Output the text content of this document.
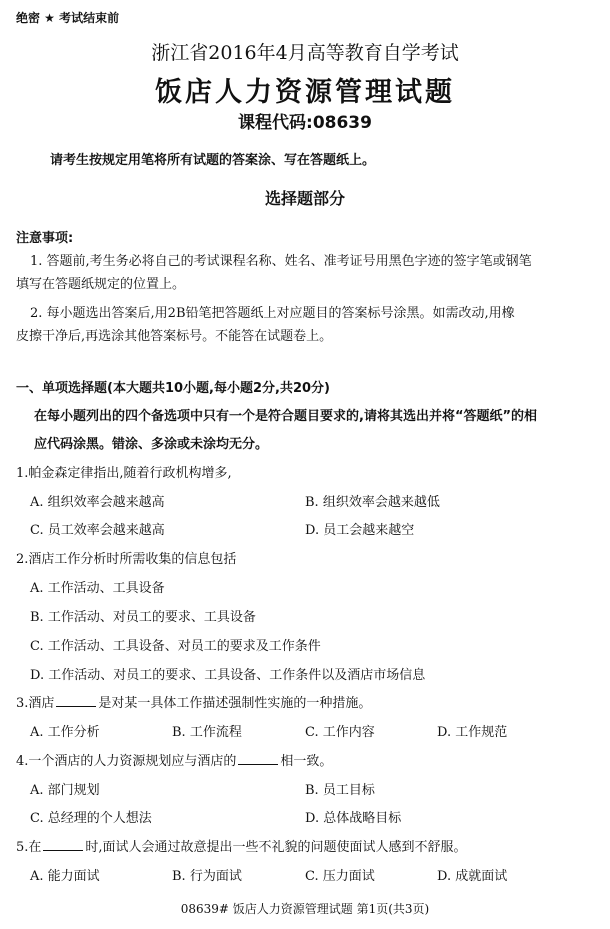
绝密 ★ 考试结束前
浙江省2016年4月高等教育自学考试
饭店人力资源管理试题
课程代码:08639
请考生按规定用笔将所有试题的答案涂、写在答题纸上。
选择题部分
注意事项:
1. 答题前,考生务必将自己的考试课程名称、姓名、准考证号用黑色字迹的签字笔或钢笔
填写在答题纸规定的位置上。
2. 每小题选出答案后,用2B铅笔把答题纸上对应题目的答案标号涂黑。如需改动,用橡
皮擦干净后,再选涂其他答案标号。不能答在试题卷上。
一、单项选择题(本大题共10小题,每小题2分,共20分)
在每小题列出的四个备选项中只有一个是符合题目要求的,请将其选出并将“答题纸”的相
应代码涂黑。错涂、多涂或未涂均无分。
1.帕金森定律指出,随着行政机构增多,
A. 组织效率会越来越高	B. 组织效率会越来越低
C. 员工效率会越来越高	D. 员工会越来越空
2.酒店工作分析时所需收集的信息包括
A. 工作活动、工具设备
B. 工作活动、对员工的要求、工具设备
C. 工作活动、工具设备、对员工的要求及工作条件
D. 工作活动、对员工的要求、工具设备、工作条件以及酒店市场信息
3.酒店	是对某一具体工作描述强制性实施的一种措施。
A. 工作分析	B. 工作流程	C. 工作内容	D. 工作规范
4.一个酒店的人力资源规划应与酒店的	相一致。
A. 部门规划	B. 员工目标
C. 总经理的个人想法	D. 总体战略目标
5.在	时,面试人会通过故意提出一些不礼貌的问题使面试人感到不舒服。
A. 能力面试	B. 行为面试	C. 压力面试	D. 成就面试
08639# 饭店人力资源管理试题 第1页(共3页)
